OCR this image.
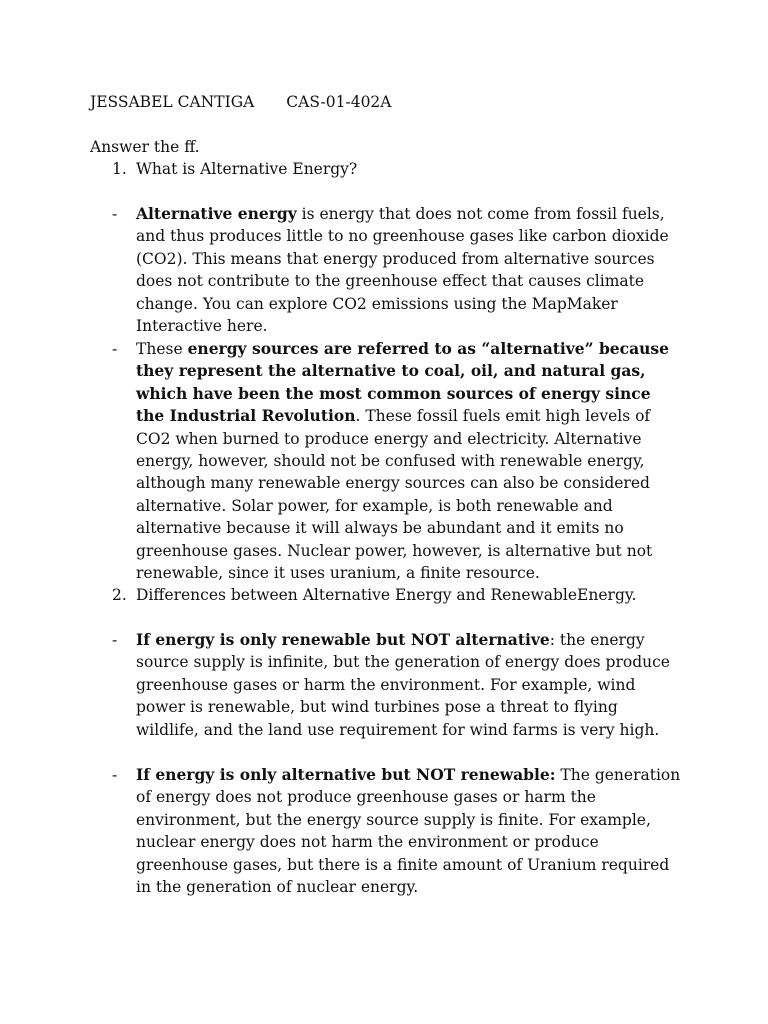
JESSABEL CANTIGA CAS-01-402A
Answer the ff.
1. What is Alternative Energy?
-	Alternative energy is energy that does not come from fossil fuels, and thus produces little to no greenhouse gases like carbon dioxide (CO2). This means that energy produced from alternative sources does not contribute to the greenhouse effect that causes climate change. You can explore CO2 emissions using the MapMaker Interactive here.
-	These energy sources are referred to as “alternative” because they represent the alternative to coal, oil, and natural gas, which have been the most common sources of energy since the Industrial Revolution. These fossil fuels emit high levels of CO2 when burned to produce energy and electricity. Alternative energy, however, should not be confused with renewable energy, although many renewable energy sources can also be considered alternative. Solar power, for example, is both renewable and alternative because it will always be abundant and it emits no greenhouse gases. Nuclear power, however, is alternative but not renewable, since it uses uranium, a finite resource.
2. Differences between Alternative Energy and RenewableEnergy.
-	If energy is only renewable but NOT alternative: the energy source supply is infinite, but the generation of energy does produce greenhouse gases or harm the environment. For example, wind power is renewable, but wind turbines pose a threat to flying wildlife, and the land use requirement for wind farms is very high.
-	If energy is only alternative but NOT renewable: The generation of energy does not produce greenhouse gases or harm the environment, but the energy source supply is finite. For example, nuclear energy does not harm the environment or produce greenhouse gases, but there is a finite amount of Uranium required in the generation of nuclear energy.
